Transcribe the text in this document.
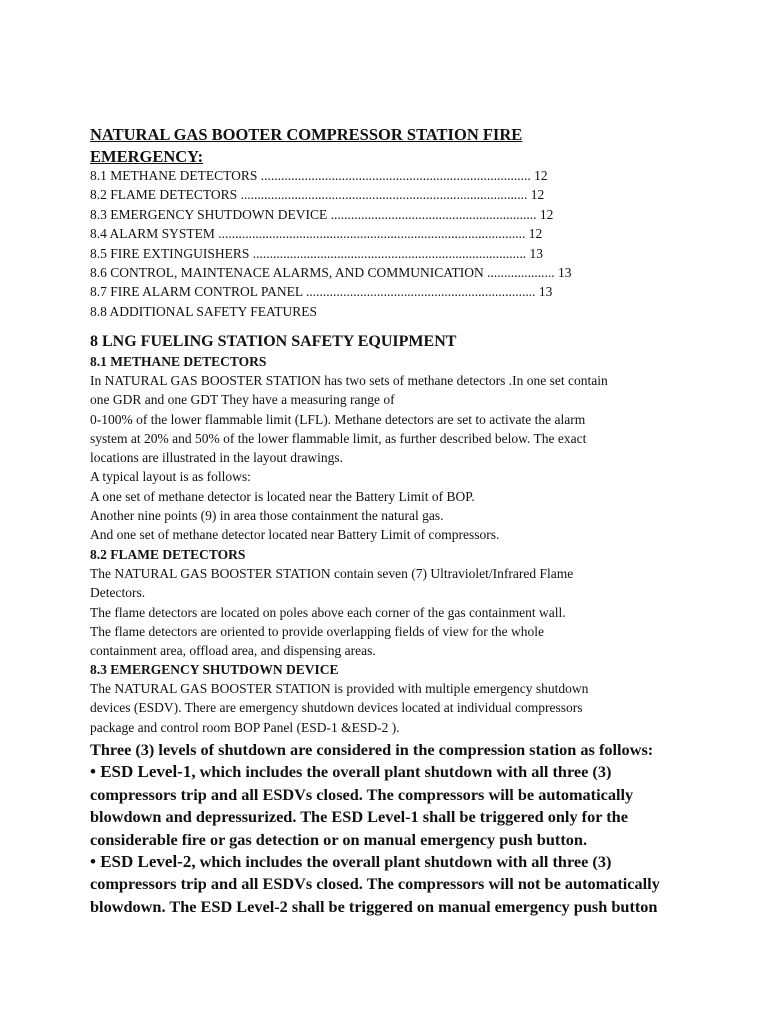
NATURAL GAS BOOTER COMPRESSOR STATION FIRE
EMERGENCY:
8.1 METHANE DETECTORS ................................................................................ 12
8.2 FLAME DETECTORS ..................................................................................... 12
8.3 EMERGENCY SHUTDOWN DEVICE ............................................................. 12
8.4 ALARM SYSTEM ........................................................................................... 12
8.5 FIRE EXTINGUISHERS ................................................................................. 13
8.6 CONTROL, MAINTENACE ALARMS, AND COMMUNICATION .................... 13
8.7 FIRE ALARM CONTROL PANEL .................................................................... 13
8.8 ADDITIONAL SAFETY FEATURES
8 LNG FUELING STATION SAFETY EQUIPMENT
8.1 METHANE DETECTORS
In NATURAL GAS BOOSTER STATION has two sets of methane detectors .In one set contain
one GDR and one GDT They have a measuring range of
0-100% of the lower flammable limit (LFL). Methane detectors are set to activate the alarm
system at 20% and 50% of the lower flammable limit, as further described below. The exact
locations are illustrated in the layout drawings.
A typical layout is as follows:
A one set of methane detector is located near the Battery Limit of BOP.
Another nine points (9) in area those containment the natural gas.
And one set of methane detector located near Battery Limit of compressors.
8.2 FLAME DETECTORS
The NATURAL GAS BOOSTER STATION contain seven (7) Ultraviolet/Infrared Flame
Detectors.
The flame detectors are located on poles above each corner of the gas containment wall.
The flame detectors are oriented to provide overlapping fields of view for the whole
containment area, offload area, and dispensing areas.
8.3 EMERGENCY SHUTDOWN DEVICE
The NATURAL GAS BOOSTER STATION is provided with multiple emergency shutdown
devices (ESDV). There are emergency shutdown devices located at individual compressors
package and control room BOP Panel (ESD-1 &ESD-2 ).
Three (3) levels of shutdown are considered in the compression station as follows:
• ESD Level-1, which includes the overall plant shutdown with all three (3)
compressors trip and all ESDVs closed. The compressors will be automatically
blowdown and depressurized. The ESD Level-1 shall be triggered only for the
considerable fire or gas detection or on manual emergency push button.
• ESD Level-2, which includes the overall plant shutdown with all three (3)
compressors trip and all ESDVs closed. The compressors will not be automatically
blowdown. The ESD Level-2 shall be triggered on manual emergency push button
